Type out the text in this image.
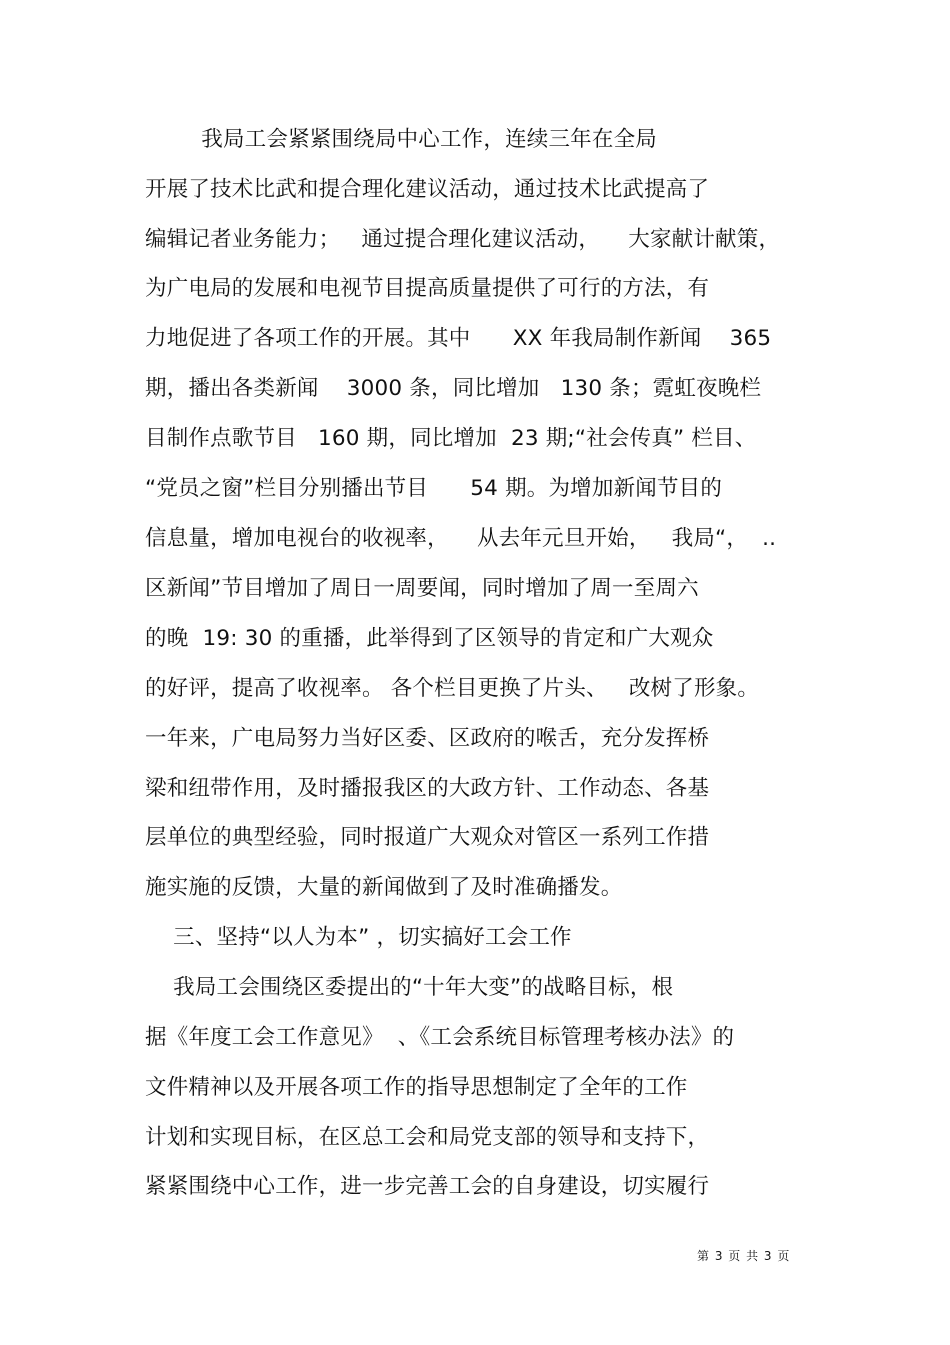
我局工会紧紧围绕局中心工作，连续三年在全局
开展了技术比武和提合理化建议活动，通过技术比武提高了
编辑记者业务能力；   通过提合理化建议活动，    大家献计献策，
为广电局的发展和电视节目提高质量提供了可行的方法，有
力地促进了各项工作的开展。其中      XX 年我局制作新闻    365
期，播出各类新闻    3000 条，同比增加   130 条；霓虹夜晚栏
目制作点歌节目   160 期，同比增加  23 期;“社会传真” 栏目、
“党员之窗”栏目分别播出节目      54 期。为增加新闻节目的
信息量，增加电视台的收视率，    从去年元旦开始，   我局“，  ..
区新闻”节目增加了周日一周要闻，同时增加了周一至周六
的晚  19: 30 的重播，此举得到了区领导的肯定和广大观众
的好评，提高了收视率。 各个栏目更换了片头、   改树了形象。
一年来，广电局努力当好区委、区政府的喉舌，充分发挥桥
梁和纽带作用，及时播报我区的大政方针、工作动态、各基
层单位的典型经验，同时报道广大观众对管区一系列工作措
施实施的反馈，大量的新闻做到了及时准确播发。
三、坚持“以人为本” ，切实搞好工会工作
我局工会围绕区委提出的“十年大变”的战略目标，根
据《年度工会工作意见》  、《工会系统目标管理考核办法》的
文件精神以及开展各项工作的指导思想制定了全年的工作
计划和实现目标，在区总工会和局党支部的领导和支持下，
紧紧围绕中心工作，进一步完善工会的自身建设，切实履行
第 3 页 共 3 页
